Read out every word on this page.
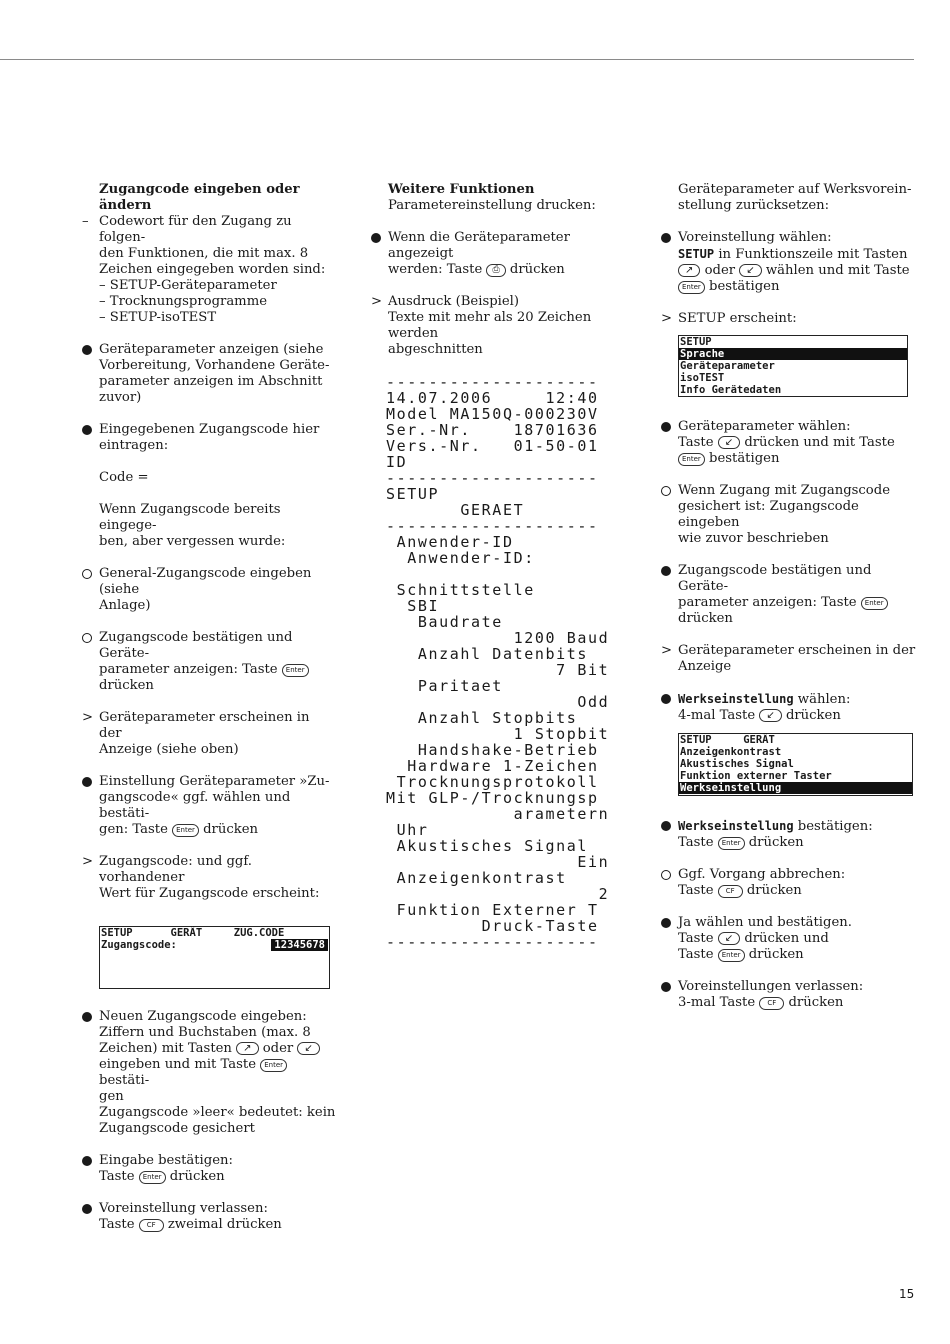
Zugangcode eingeben oder ändern
Codewort für den Zugang zu folgen-
den Funktionen, die mit max. 8
Zeichen eingegeben worden sind:
– SETUP-Geräteparameter
– Trocknungsprogramme
– SETUP-isoTEST
Geräteparameter anzeigen (siehe
Vorbereitung, Vorhandene Geräte-
parameter anzeigen im Abschnitt
zuvor)
Eingegebenen Zugangscode hier
eintragen:
Code =
Wenn Zugangscode bereits eingege-
ben, aber vergessen wurde:
General-Zugangscode eingeben (siehe
Anlage)
Zugangscode bestätigen und Geräte-
parameter anzeigen: Taste Enter
drücken
Geräteparameter erscheinen in der
Anzeige (siehe oben)
Einstellung Geräteparameter »Zu-
gangscode« ggf. wählen und bestäti-
gen: Taste Enter drücken
Zugangscode: und ggf. vorhandener
Wert für Zugangscode erscheint:
SETUP      GERÄT     ZUG.CODE
Zugangscode:	12345678
Neuen Zugangscode eingeben:
Ziffern und Buchstaben (max. 8
Zeichen) mit Tasten ↗ oder ↙
eingeben und mit Taste Enter bestäti-
gen
Zugangscode »leer« bedeutet: kein
Zugangscode gesichert
Eingabe bestätigen:
Taste Enter drücken
Voreinstellung verlassen:
Taste CF zweimal drücken
Weitere Funktionen
Parametereinstellung drucken:
Wenn die Geräteparameter angezeigt
werden: Taste ⎙ drücken
Ausdruck (Beispiel)
Texte mit mehr als 20 Zeichen werden
abgeschnitten
--------------------
14.07.2006     12:40
Model MA150Q-000230V
Ser.-Nr.    18701636
Vers.-Nr.   01-50-01
ID
--------------------
SETUP
GERAET
--------------------
Anwender-ID
Anwender-ID:

Schnittstelle
SBI
Baudrate
1200 Baud
Anzahl Datenbits
7 Bit
Paritaet
Odd
Anzahl Stopbits
1 Stopbit
Handshake-Betrieb
Hardware 1-Zeichen
Trocknungsprotokoll
Mit GLP-/Trocknungsp
arametern
Uhr
Akustisches Signal
Ein
Anzeigenkontrast
2
Funktion Externer T
Druck-Taste
--------------------
Geräteparameter auf Werksvorein-
stellung zurücksetzen:
Voreinstellung wählen:
SETUP in Funktionszeile mit Tasten
↗ oder ↙ wählen und mit Taste
Enter bestätigen
SETUP erscheint:
SETUP
Sprache
Geräteparameter
isoTEST
Info Gerätedaten
Geräteparameter wählen:
Taste ↙ drücken und mit Taste
Enter bestätigen
Wenn Zugang mit Zugangscode
gesichert ist: Zugangscode eingeben
wie zuvor beschrieben
Zugangscode bestätigen und Geräte-
parameter anzeigen: Taste Enter
drücken
Geräteparameter erscheinen in der
Anzeige
Werkseinstellung wählen:
4-mal Taste ↙ drücken
SETUP     GERÄT
Anzeigenkontrast
Akustisches Signal
Funktion externer Taster
Werkseinstellung
Werkseinstellung bestätigen:
Taste Enter drücken
Ggf. Vorgang abbrechen:
Taste CF drücken
Ja wählen und bestätigen.
Taste ↙ drücken und
Taste Enter drücken
Voreinstellungen verlassen:
3-mal Taste CF drücken
15
